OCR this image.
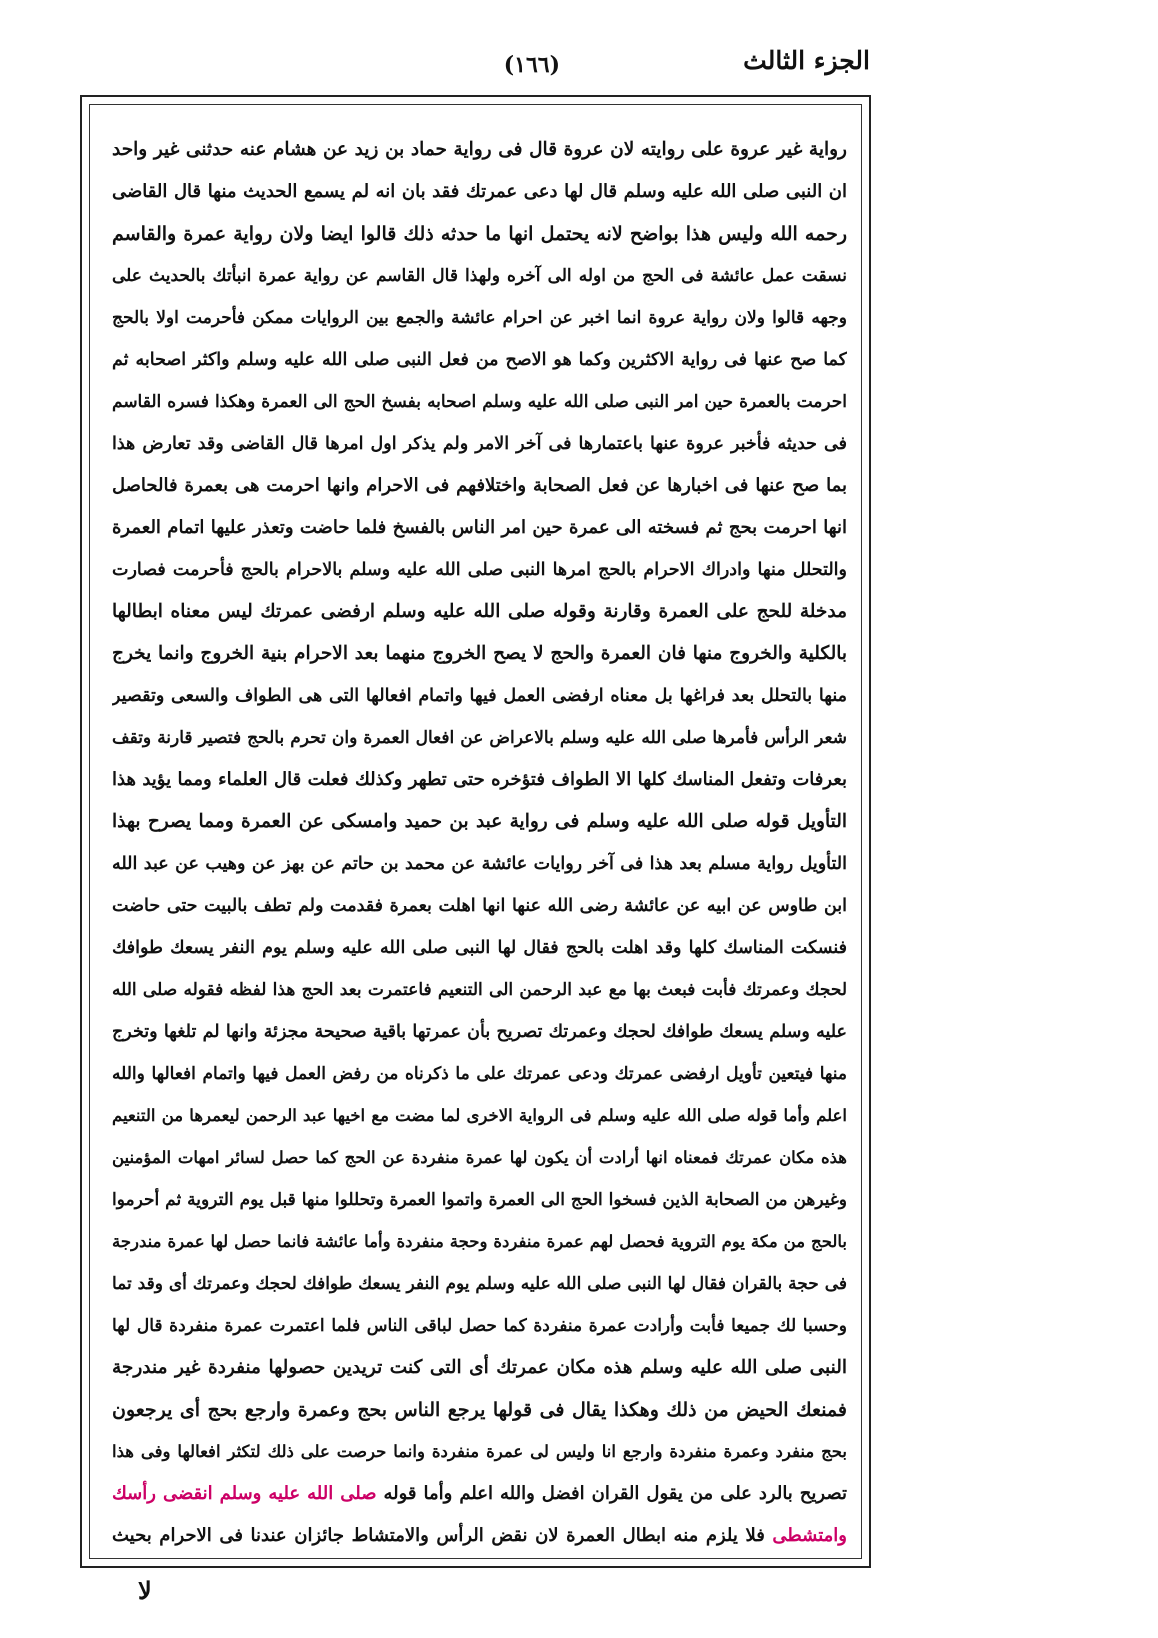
الجزء الثالث
(١٦٦)
رواية غير عروة على روايته لان عروة قال فى رواية حماد بن زيد عن هشام عنه حدثنى غير واحد
ان النبى صلى الله عليه وسلم قال لها دعى عمرتك فقد بان انه لم يسمع الحديث منها قال القاضى
رحمه الله وليس هذا بواضح لانه يحتمل انها ما حدثه ذلك قالوا ايضا ولان رواية عمرة والقاسم
نسقت عمل عائشة فى الحج من اوله الى آخره ولهذا قال القاسم عن رواية عمرة انبأتك بالحديث على
وجهه قالوا ولان رواية عروة انما اخبر عن احرام عائشة والجمع بين الروايات ممكن فأحرمت اولا بالحج
كما صح عنها فى رواية الاكثرين وكما هو الاصح من فعل النبى صلى الله عليه وسلم واكثر اصحابه ثم
احرمت بالعمرة حين امر النبى صلى الله عليه وسلم اصحابه بفسخ الحج الى العمرة وهكذا فسره القاسم
فى حديثه فأخبر عروة عنها باعتمارها فى آخر الامر ولم يذكر اول امرها قال القاضى وقد تعارض هذا
بما صح عنها فى اخبارها عن فعل الصحابة واختلافهم فى الاحرام وانها احرمت هى بعمرة فالحاصل
انها احرمت بحج ثم فسخته الى عمرة حين امر الناس بالفسخ فلما حاضت وتعذر عليها اتمام العمرة
والتحلل منها وادراك الاحرام بالحج امرها النبى صلى الله عليه وسلم بالاحرام بالحج فأحرمت فصارت
مدخلة للحج على العمرة وقارنة وقوله صلى الله عليه وسلم ارفضى عمرتك ليس معناه ابطالها
بالكلية والخروج منها فان العمرة والحج لا يصح الخروج منهما بعد الاحرام بنية الخروج وانما يخرج
منها بالتحلل بعد فراغها بل معناه ارفضى العمل فيها واتمام افعالها التى هى الطواف والسعى وتقصير
شعر الرأس فأمرها صلى الله عليه وسلم بالاعراض عن افعال العمرة وان تحرم بالحج فتصير قارنة وتقف
بعرفات وتفعل المناسك كلها الا الطواف فتؤخره حتى تطهر وكذلك فعلت قال العلماء ومما يؤيد هذا
التأويل قوله صلى الله عليه وسلم فى رواية عبد بن حميد وامسكى عن العمرة ومما يصرح بهذا
التأويل رواية مسلم بعد هذا فى آخر روايات عائشة عن محمد بن حاتم عن بهز عن وهيب عن عبد الله
ابن طاوس عن ابيه عن عائشة رضى الله عنها انها اهلت بعمرة فقدمت ولم تطف بالبيت حتى حاضت
فنسكت المناسك كلها وقد اهلت بالحج فقال لها النبى صلى الله عليه وسلم يوم النفر يسعك طوافك
لحجك وعمرتك فأبت فبعث بها مع عبد الرحمن الى التنعيم فاعتمرت بعد الحج هذا لفظه فقوله صلى الله
عليه وسلم يسعك طوافك لحجك وعمرتك تصريح بأن عمرتها باقية صحيحة مجزئة وانها لم تلغها وتخرج
منها فيتعين تأويل ارفضى عمرتك ودعى عمرتك على ما ذكرناه من رفض العمل فيها واتمام افعالها والله
اعلم وأما قوله صلى الله عليه وسلم فى الرواية الاخرى لما مضت مع اخيها عبد الرحمن ليعمرها من التنعيم
هذه مكان عمرتك فمعناه انها أرادت أن يكون لها عمرة منفردة عن الحج كما حصل لسائر امهات المؤمنين
وغيرهن من الصحابة الذين فسخوا الحج الى العمرة واتموا العمرة وتحللوا منها قبل يوم التروية ثم أحرموا
بالحج من مكة يوم التروية فحصل لهم عمرة منفردة وحجة منفردة وأما عائشة فانما حصل لها عمرة مندرجة
فى حجة بالقران فقال لها النبى صلى الله عليه وسلم يوم النفر يسعك طوافك لحجك وعمرتك أى وقد تما
وحسبا لك جميعا فأبت وأرادت عمرة منفردة كما حصل لباقى الناس فلما اعتمرت عمرة منفردة قال لها
النبى صلى الله عليه وسلم هذه مكان عمرتك أى التى كنت تريدين حصولها منفردة غير مندرجة
فمنعك الحيض من ذلك وهكذا يقال فى قولها يرجع الناس بحج وعمرة وارجع بحج أى يرجعون
بحج منفرد وعمرة منفردة وارجع انا وليس لى عمرة منفردة وانما حرصت على ذلك لتكثر افعالها وفى هذا
تصريح بالرد على من يقول القران افضل والله اعلم وأما قوله صلى الله عليه وسلم انقضى رأسك
وامتشطى فلا يلزم منه ابطال العمرة لان نقض الرأس والامتشاط جائزان عندنا فى الاحرام بحيث
لا
